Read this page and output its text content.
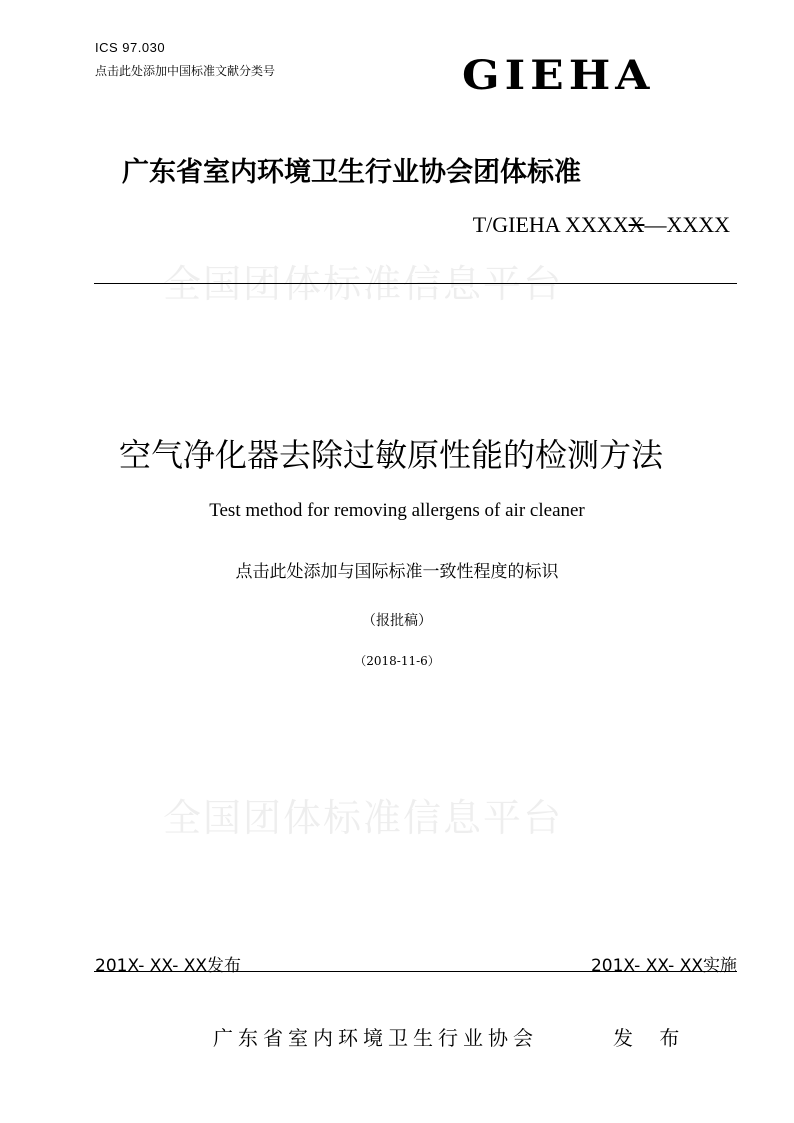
ICS 97.030
点击此处添加中国标准文献分类号	GIEHA
广东省室内环境卫生行业协会团体标准
T/GIEHA XXXXX—XXXX
全国团体标准信息平台
空气净化器去除过敏原性能的检测方法
Test method for removing allergens of air cleaner
点击此处添加与国际标准一致性程度的标识
（报批稿）
（2018-11-6）
全国团体标准信息平台
201X- XX- XX发布	201X- XX- XX实施
广东省室内环境卫生行业协会	发 布
